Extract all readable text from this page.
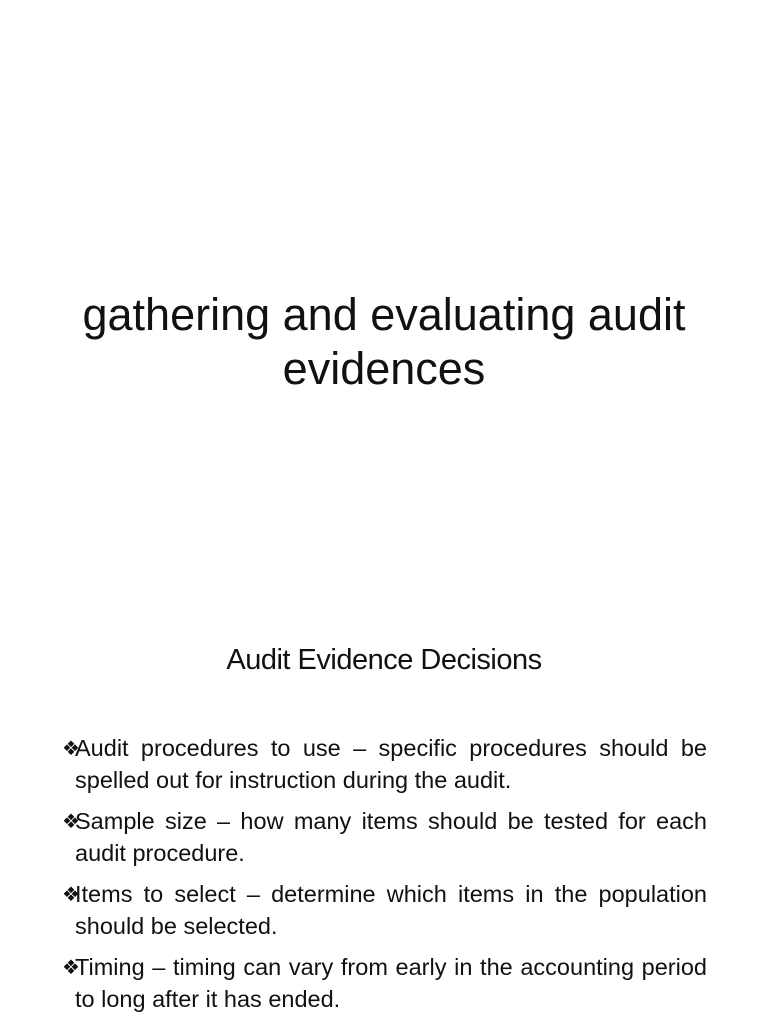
gathering and evaluating audit evidences
Audit Evidence Decisions
❖
Audit procedures to use – specific procedures should be spelled out for instruction during the audit.
❖
Sample size – how many items should be tested for each audit procedure.
❖
Items to select – determine which items in the population should be selected.
❖
Timing – timing can vary from early in the accounting period to long after it has ended.
